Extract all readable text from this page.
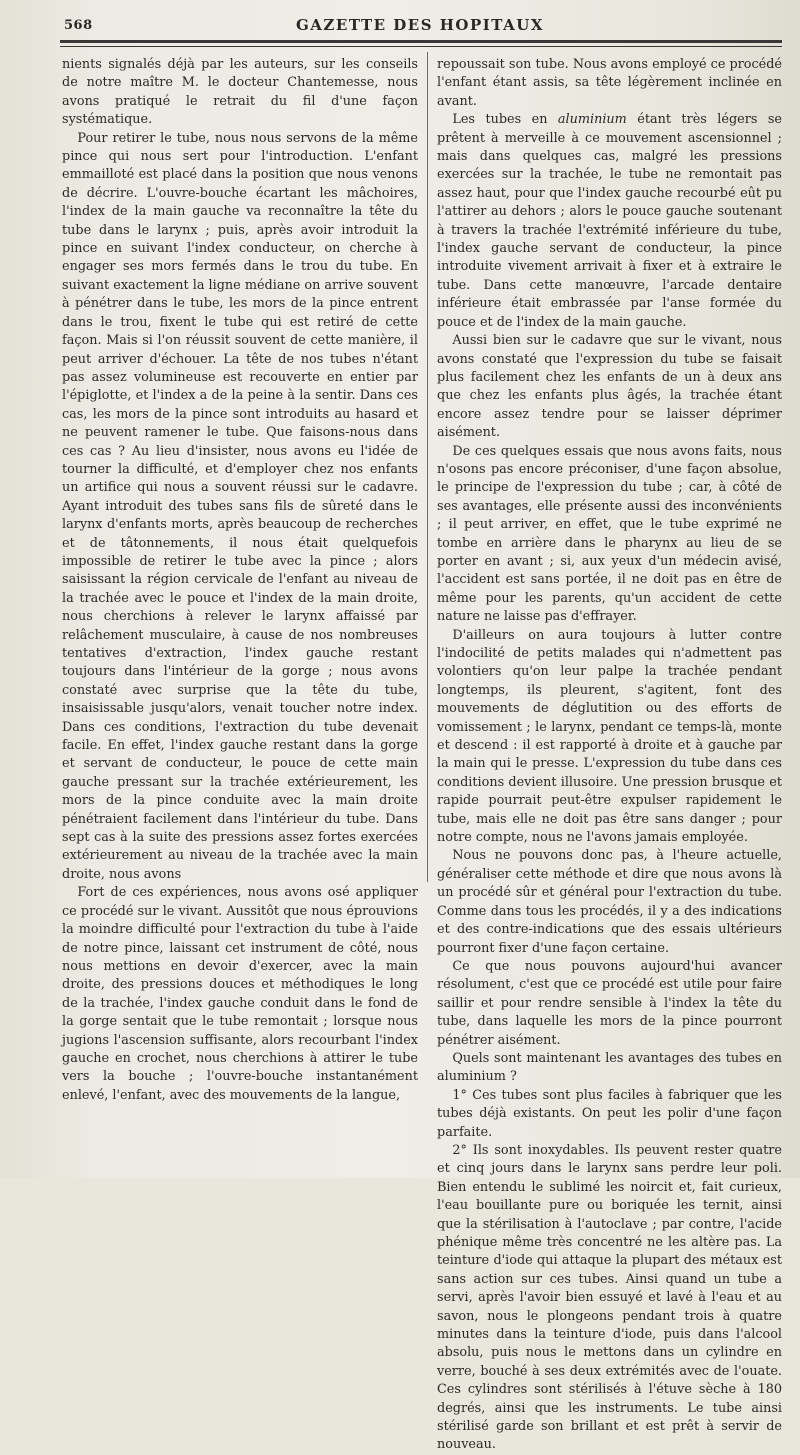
568	GAZETTE DES HOPITAUX

nients signalés déjà par les auteurs, sur les conseils de notre maître M. le docteur Chantemesse, nous avons pratiqué le retrait du fil d'une façon systématique.

Pour retirer le tube, nous nous servons de la même pince qui nous sert pour l'introduction. L'enfant emmailloté est placé dans la position que nous venons de décrire. L'ouvre-bouche écartant les mâchoires, l'index de la main gauche va reconnaître la tête du tube dans le larynx ; puis, après avoir introduit la pince en suivant l'index conducteur, on cherche à engager ses mors fermés dans le trou du tube. En suivant exactement la ligne médiane on arrive souvent à pénétrer dans le tube, les mors de la pince entrent dans le trou, fixent le tube qui est retiré de cette façon. Mais si l'on réussit souvent de cette manière, il peut arriver d'échouer. La tête de nos tubes n'étant pas assez volumineuse est recouverte en entier par l'épiglotte, et l'index a de la peine à la sentir. Dans ces cas, les mors de la pince sont introduits au hasard et ne peuvent ramener le tube. Que faisons-nous dans ces cas ? Au lieu d'insister, nous avons eu l'idée de tourner la difficulté, et d'employer chez nos enfants un artifice qui nous a souvent réussi sur le cadavre. Ayant introduit des tubes sans fils de sûreté dans le larynx d'enfants morts, après beaucoup de recherches et de tâtonnements, il nous était quelquefois impossible de retirer le tube avec la pince ; alors saisissant la région cervicale de l'enfant au niveau de la trachée avec le pouce et l'index de la main droite, nous cherchions à relever le larynx affaissé par relâchement musculaire, à cause de nos nombreuses tentatives d'extraction, l'index gauche restant toujours dans l'intérieur de la gorge ; nous avons constaté avec surprise que la tête du tube, insaisissable jusqu'alors, venait toucher notre index. Dans ces conditions, l'extraction du tube devenait facile. En effet, l'index gauche restant dans la gorge et servant de conducteur, le pouce de cette main gauche pressant sur la trachée extérieurement, les mors de la pince conduite avec la main droite pénétraient facilement dans l'intérieur du tube. Dans sept cas à la suite des pressions assez fortes exercées extérieurement au niveau de la trachée avec la main droite, nous avons

Fort de ces expériences, nous avons osé appliquer ce procédé sur le vivant. Aussitôt que nous éprouvions la moindre difficulté pour l'extraction du tube à l'aide de notre pince, laissant cet instrument de côté, nous nous mettions en devoir d'exercer, avec la main droite, des pressions douces et méthodiques le long de la trachée, l'index gauche conduit dans le fond de la gorge sentait que le tube remontait ; lorsque nous jugions l'ascension suffisante, alors recourbant l'index gauche en crochet, nous cherchions à attirer le tube vers la bouche ; l'ouvre-bouche instantanément enlevé, l'enfant, avec des mouvements de la langue,

repoussait son tube. Nous avons employé ce procédé l'enfant étant assis, sa tête légèrement inclinée en avant.

Les tubes en aluminium étant très légers se prêtent à merveille à ce mouvement ascensionnel ; mais dans quelques cas, malgré les pressions exercées sur la trachée, le tube ne remontait pas assez haut, pour que l'index gauche recourbé eût pu l'attirer au dehors ; alors le pouce gauche soutenant à travers la trachée l'extrémité inférieure du tube, l'index gauche servant de conducteur, la pince introduite vivement arrivait à fixer et à extraire le tube. Dans cette manœuvre, l'arcade dentaire inférieure était embrassée par l'anse formée du pouce et de l'index de la main gauche.

Aussi bien sur le cadavre que sur le vivant, nous avons constaté que l'expression du tube se faisait plus facilement chez les enfants de un à deux ans que chez les enfants plus âgés, la trachée étant encore assez tendre pour se laisser déprimer aisément.

De ces quelques essais que nous avons faits, nous n'osons pas encore préconiser, d'une façon absolue, le principe de l'expression du tube ; car, à côté de ses avantages, elle présente aussi des inconvénients ; il peut arriver, en effet, que le tube exprimé ne tombe en arrière dans le pharynx au lieu de se porter en avant ; si, aux yeux d'un médecin avisé, l'accident est sans portée, il ne doit pas en être de même pour les parents, qu'un accident de cette nature ne laisse pas d'effrayer.

D'ailleurs on aura toujours à lutter contre l'indocilité de petits malades qui n'admettent pas volontiers qu'on leur palpe la trachée pendant longtemps, ils pleurent, s'agitent, font des mouvements de déglutition ou des efforts de vomissement ; le larynx, pendant ce temps-là, monte et descend : il est rapporté à droite et à gauche par la main qui le presse. L'expression du tube dans ces conditions devient illusoire. Une pression brusque et rapide pourrait peut-être expulser rapidement le tube, mais elle ne doit pas être sans danger ; pour notre compte, nous ne l'avons jamais employée.

Nous ne pouvons donc pas, à l'heure actuelle, généraliser cette méthode et dire que nous avons là un procédé sûr et général pour l'extraction du tube. Comme dans tous les procédés, il y a des indications et des contre-indications que des essais ultérieurs pourront fixer d'une façon certaine.

Ce que nous pouvons aujourd'hui avancer résolument, c'est que ce procédé est utile pour faire saillir et pour rendre sensible à l'index la tête du tube, dans laquelle les mors de la pince pourront pénétrer aisément.

Quels sont maintenant les avantages des tubes en aluminium ?

1° Ces tubes sont plus faciles à fabriquer que les tubes déjà existants. On peut les polir d'une façon parfaite.

2° Ils sont inoxydables. Ils peuvent rester quatre et cinq jours dans le larynx sans perdre leur poli. Bien entendu le sublimé les noircit et, fait curieux, l'eau bouillante pure ou boriquée les ternit, ainsi que la stérilisation à l'autoclave ; par contre, l'acide phénique même très concentré ne les altère pas. La teinture d'iode qui attaque la plupart des métaux est sans action sur ces tubes. Ainsi quand un tube a servi, après l'avoir bien essuyé et lavé à l'eau et au savon, nous le plongeons pendant trois à quatre minutes dans la teinture d'iode, puis dans l'alcool absolu, puis nous le mettons dans un cylindre en verre, bouché à ses deux extrémités avec de l'ouate. Ces cylindres sont stérilisés à l'étuve sèche à 180 degrés, ainsi que les instruments. Le tube ainsi stérilisé garde son brillant et est prêt à servir de nouveau.
